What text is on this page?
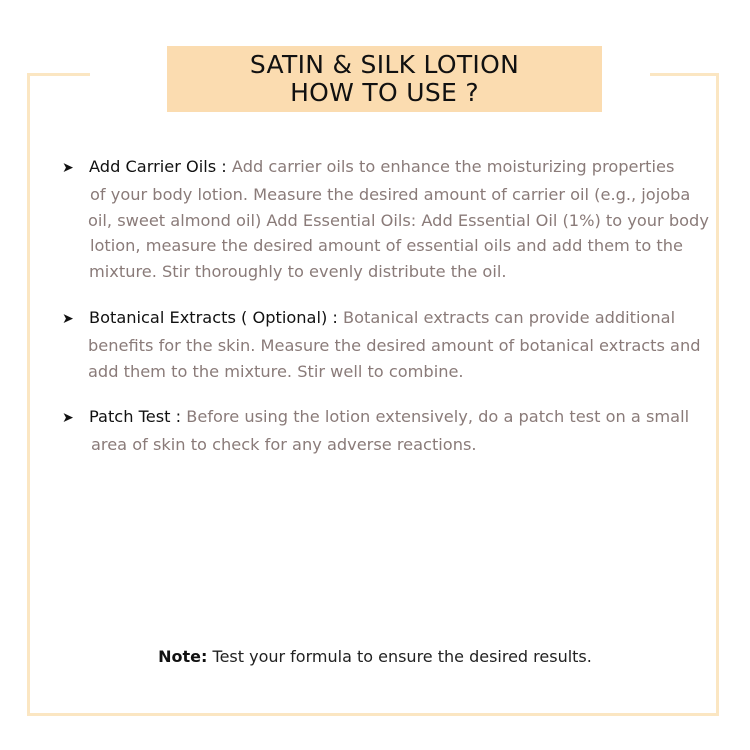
SATIN & SILK LOTION
HOW TO USE ?
➤ Add Carrier Oils : Add carrier oils to enhance the moisturizing properties
of your body lotion. Measure the desired amount of carrier oil (e.g., jojoba
oil, sweet almond oil) Add Essential Oils: Add Essential Oil (1%) to your body
lotion, measure the desired amount of essential oils and add them to the
mixture. Stir thoroughly to evenly distribute the oil.
➤ Botanical Extracts ( Optional) : Botanical extracts can provide additional
benefits for the skin. Measure the desired amount of botanical extracts and
add them to the mixture. Stir well to combine.
➤ Patch Test : Before using the lotion extensively, do a patch test on a small
area of skin to check for any adverse reactions.
Note: Test your formula to ensure the desired results.
